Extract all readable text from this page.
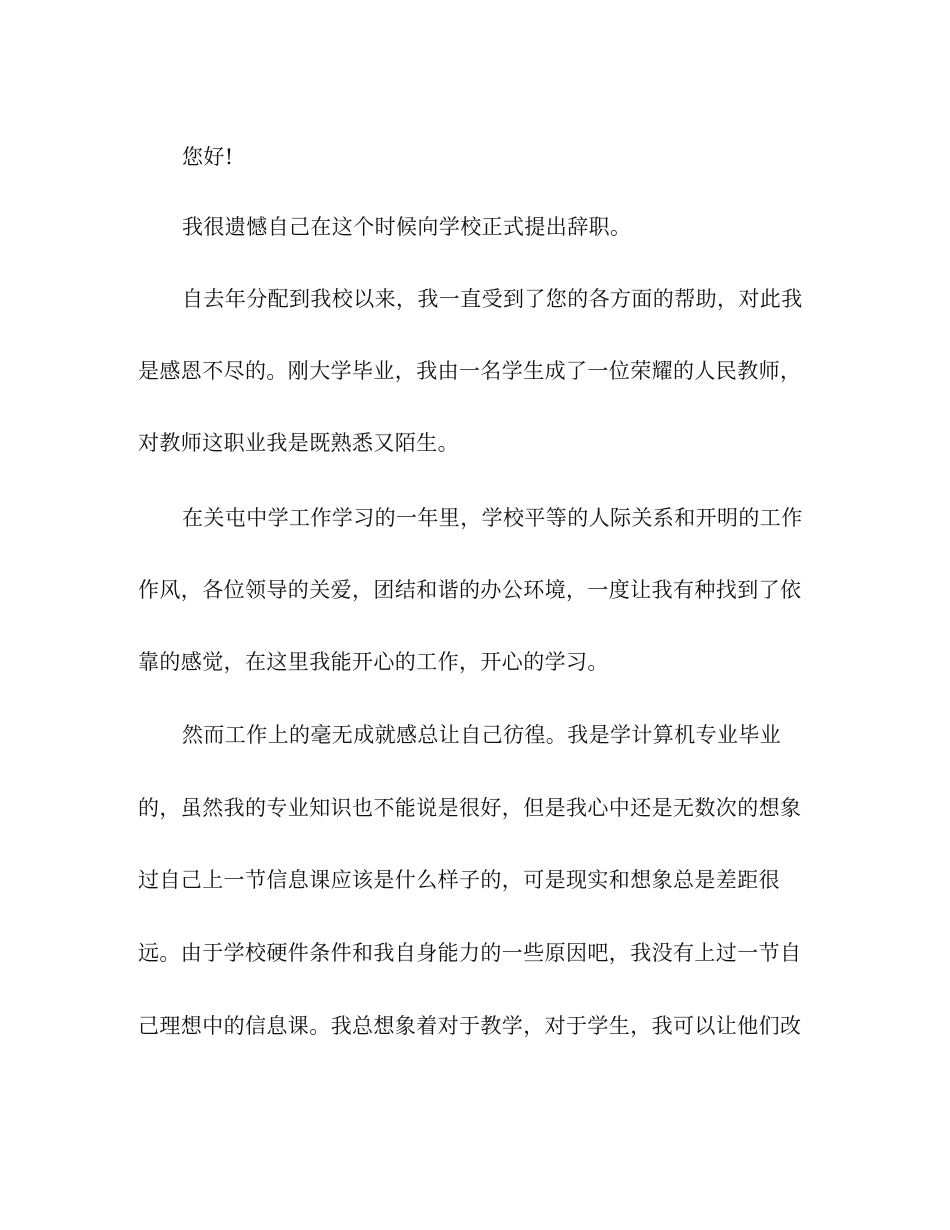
您好!
我很遗憾自己在这个时候向学校正式提出辞职。
自去年分配到我校以来，我一直受到了您的各方面的帮助，对此我
是感恩不尽的。刚大学毕业，我由一名学生成了一位荣耀的人民教师，
对教师这职业我是既熟悉又陌生。
在关屯中学工作学习的一年里，学校平等的人际关系和开明的工作
作风，各位领导的关爱，团结和谐的办公环境，一度让我有种找到了依
靠的感觉，在这里我能开心的工作，开心的学习。
然而工作上的毫无成就感总让自己彷徨。我是学计算机专业毕业
的，虽然我的专业知识也不能说是很好，但是我心中还是无数次的想象
过自己上一节信息课应该是什么样子的，可是现实和想象总是差距很
远。由于学校硬件条件和我自身能力的一些原因吧，我没有上过一节自
己理想中的信息课。我总想象着对于教学，对于学生，我可以让他们改
